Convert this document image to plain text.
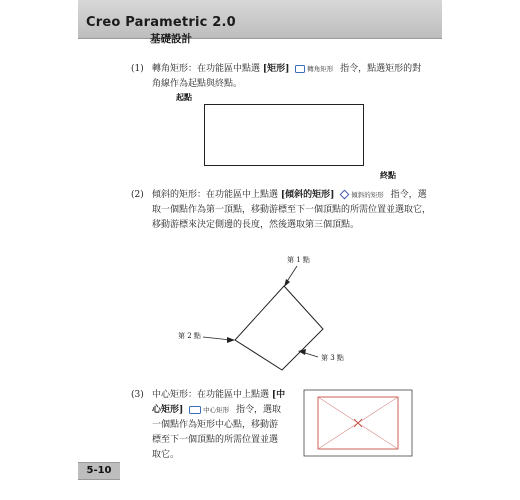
Creo Parametric 2.0
基礎設計
(1) 轉角矩形：在功能區中點選 [矩形]	轉角矩形 指令，點選矩形的對角線作為起點與終點。
起點
終點
(2) 傾斜的矩形：在功能區中上點選 [傾斜的矩形]	傾斜的矩形 指令，選取一個點作為第一頂點，移動游標至下一個頂點的所需位置並選取它，移動游標來決定側邊的長度，然後選取第三個頂點。
第 1 點
第 2 點
第 3 點
(3) 中心矩形：在功能區中上點選 [中心矩形]	中心矩形 指令，選取一個點作為矩形中心點，移動游標至下一個頂點的所需位置並選取它。
5-10
